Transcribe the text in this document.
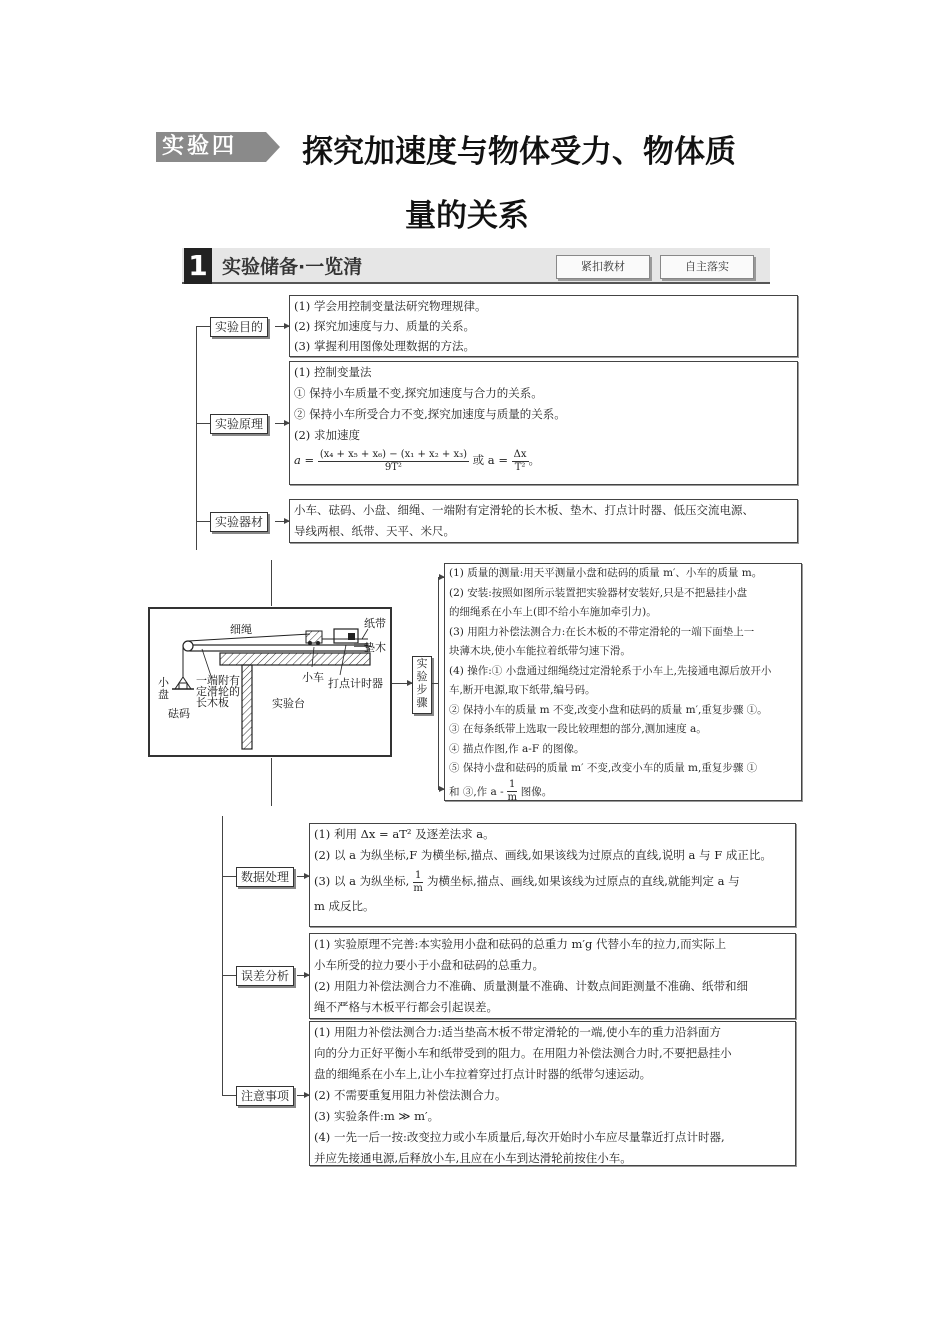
实验四	探究加速度与物体受力、物体质
量的关系
1 实验储备·一览清	紧扣教材	自主落实
实验目的

(1) 学会用控制变量法研究物理规律。

(2) 探究加速度与力、质量的关系。

(3) 掌握利用图像处理数据的方法。

实验原理

(1) 控制变量法

① 保持小车质量不变,探究加速度与合力的关系。

② 保持小车所受合力不变,探究加速度与质量的关系。

(2) 求加速度

$a = \frac{\text{(x₄ + x₅ + x₆) − (x₁ + x₂ + x₃)}}{\text{9T²}}$ 或 $a = \frac{\Delta x}{\text{T²}}$ 。

实验器材

小车、砝码、小盘、细绳、一端附有定滑轮的长木板、垫木、打点计时器、低压交流电源、

导线两根、纸带、天平、米尺。

细绳	纸带
垫木
小盘
砝码
一端附有定滑轮的长木板
小车 打点计时器
实验台
实验步骤

(1) 质量的测量:用天平测量小盘和砝码的质量 m′、小车的质量 m。

(2) 安装:按照如图所示装置把实验器材安装好,只是不把悬挂小盘

的细绳系在小车上(即不给小车施加牵引力)。

(3) 用阻力补偿法测合力:在长木板的不带定滑轮的一端下面垫上一

块薄木块,使小车能拉着纸带匀速下滑。

(4) 操作:① 小盘通过细绳绕过定滑轮系于小车上,先接通电源后放开小

车,断开电源,取下纸带,编号码。

② 保持小车的质量 m 不变,改变小盘和砝码的质量 m′,重复步骤 ①。

③ 在每条纸带上选取一段比较理想的部分,测加速度 a。

④ 描点作图,作 a-F 的图像。

⑤ 保持小盘和砝码的质量 m′ 不变,改变小车的质量 m,重复步骤 ①

和 ③,作 a - $\frac{1}{m}$ 图像。

数据处理

(1) 利用 Δx = aT² 及逐差法求 a。

(2) 以 a 为纵坐标,F 为横坐标,描点、画线,如果该线为过原点的直线,说明 a 与 F 成正比。

(3) 以 a 为纵坐标, $\frac{1}{m}$ 为横坐标,描点、画线,如果该线为过原点的直线,就能判定 a 与

m 成反比。

误差分析

(1) 实验原理不完善:本实验用小盘和砝码的总重力 m′g 代替小车的拉力,而实际上

小车所受的拉力要小于小盘和砝码的总重力。

(2) 用阻力补偿法测合力不准确、质量测量不准确、计数点间距测量不准确、纸带和细

绳不严格与木板平行都会引起误差。

注意事项

(1) 用阻力补偿法测合力:适当垫高木板不带定滑轮的一端,使小车的重力沿斜面方

向的分力正好平衡小车和纸带受到的阻力。在用阻力补偿法测合力时,不要把悬挂小

盘的细绳系在小车上,让小车拉着穿过打点计时器的纸带匀速运动。

(2) 不需要重复用阻力补偿法测合力。

(3) 实验条件:m ≫ m′。

(4) 一先一后一按:改变拉力或小车质量后,每次开始时小车应尽量靠近打点计时器,

并应先接通电源,后释放小车,且应在小车到达滑轮前按住小车。
